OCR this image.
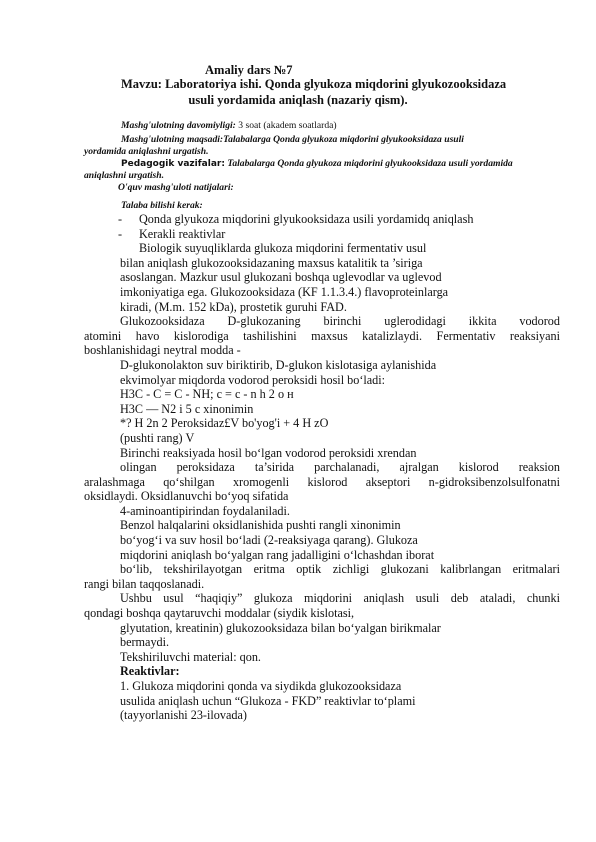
Amaliy dars №7
Mavzu: Laboratoriya ishi. Qonda glyukoza miqdorini glyukozooksidaza
usuli yordamida aniqlash (nazariy qism).
Mashg'ulotning davomiyligi: 3 soat (akadem soatlarda)
Mashg'ulotning maqsadi:Talabalarga Qonda glyukoza miqdorini glyukooksidaza usuli
yordamida aniqlashni urgatish.
Pedagogik vazifalar: Talabalarga Qonda glyukoza miqdorini glyukooksidaza usuli yordamida
aniqlashni urgatish.
O'quv mashg'uloti natijalari:
Talaba bilishi kerak:
- Qonda glyukoza miqdorini glyukooksidaza usili yordamidq aniqlash
- Kerakli reaktivlar
Biologik suyuqliklarda glukoza miqdorini fermentativ usul
bilan aniqlash glukozooksidazaning maxsus katalitik ta ’siriga
asoslangan. Mazkur usul glukozani boshqa uglevodlar va uglevod
imkoniyatiga ega. Glukozooksidaza (KF 1.1.3.4.) flavoproteinlarga
kiradi, (M.m. 152 kDa), prostetik guruhi FAD.
Glukozooksidaza D-glukozaning birinchi uglerodidagi ikkita vodorod
atomini havo kislorodiga tashilishini maxsus katalizlaydi. Fermentativ reaksiyani
boshlanishidagi neytral modda -
D-glukonolakton suv biriktirib, D-glukon kislotasiga aylanishida
ekvimolyar miqdorda vodorod peroksidi hosil bo‘ladi:
H3C - C = C - NH; c = c - n h 2 o н
H3C — N2 i 5 c xinonimin
*? H 2n 2 Peroksidaz£V bo'yog'i + 4 H zO
(pushti rang) V
Birinchi reaksiyada hosil bo‘lgan vodorod peroksidi xrendan
olingan peroksidaza ta’sirida parchalanadi, ajralgan kislorod reaksion
aralashmaga qo‘shilgan xromogenli kislorod akseptori n-gidroksibenzolsulfonatni
oksidlaydi. Oksidlanuvchi bo‘yoq sifatida
4-aminoantipirindan foydalaniladi.
Benzol halqalarini oksidlanishida pushti rangli xinonimin
bo‘yog‘i va suv hosil bo‘ladi (2-reaksiyaga qarang). Glukoza
miqdorini aniqlash bo‘yalgan rang jadalligini o‘lchashdan iborat
bo‘lib, tekshirilayotgan eritma optik zichligi glukozani kalibrlangan eritmalari
rangi bilan taqqoslanadi.
Ushbu usul “haqiqiy” glukoza miqdorini aniqlash usuli deb ataladi, chunki
qondagi boshqa qaytaruvchi moddalar (siydik kislotasi,
glyutation, kreatinin) glukozooksidaza bilan bo‘yalgan birikmalar
bermaydi.
Tekshiriluvchi material: qon.
Reaktivlar:
1. Glukoza miqdorini qonda va siydikda glukozooksidaza
usulida aniqlash uchun “Glukoza - FKD” reaktivlar to‘plami
(tayyorlanishi 23-ilovada)
